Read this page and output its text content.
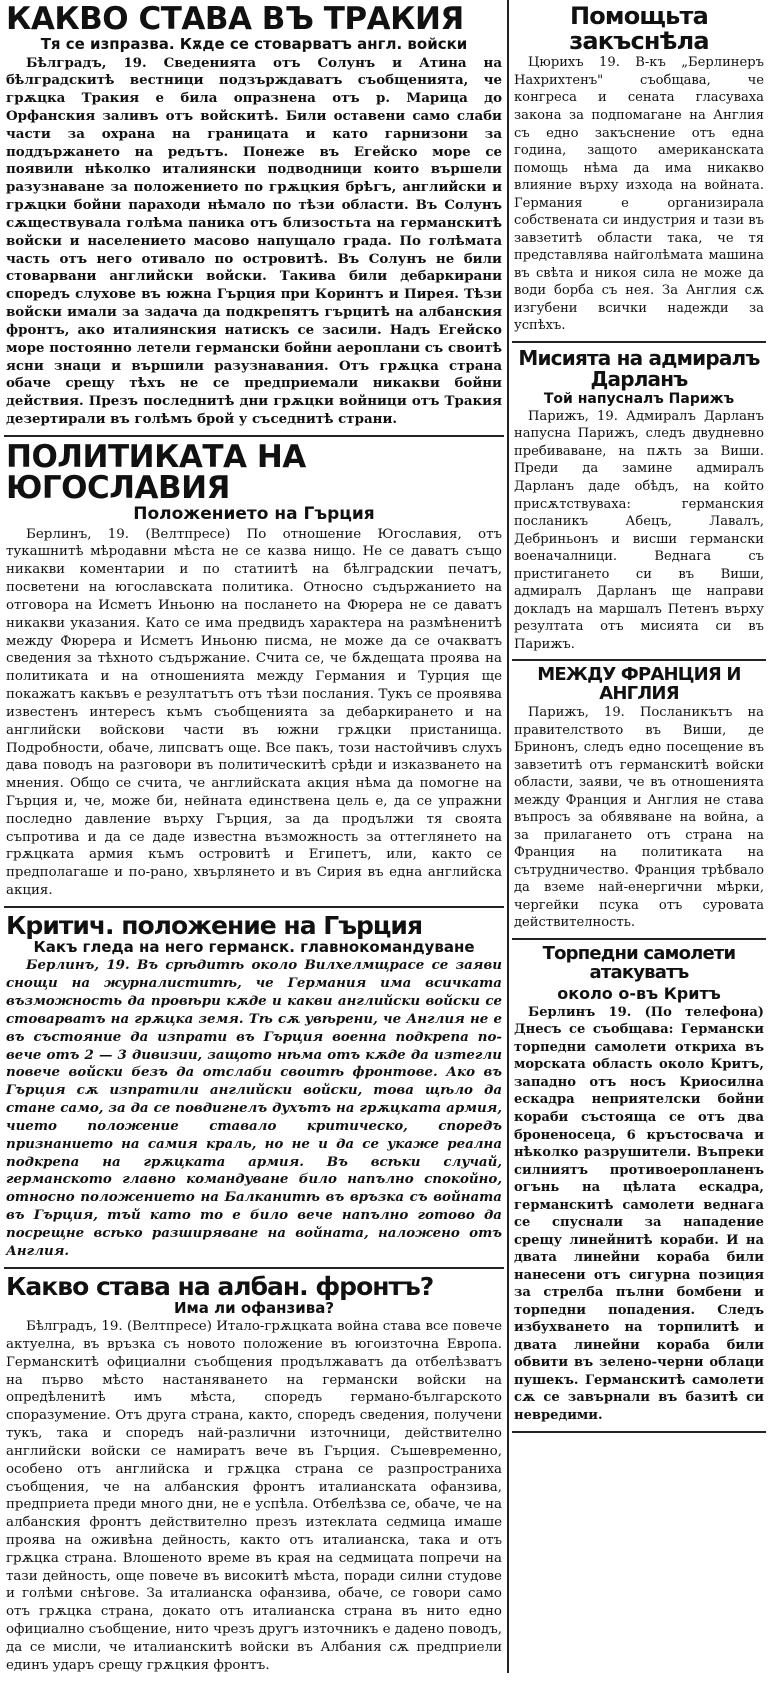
КАКВО СТАВА ВЪ ТРАКИЯ
Тя се изпразва. Кѫде се стоварватъ англ. войски

Бѣлградъ, 19. Сведенията отъ Солунъ и Атина на бѣлградскитѣ вестници подзърждаватъ съобщенията, че грѫцка Тракия е била опразнена отъ р. Марица до Орфанския заливъ отъ войскитѣ. Били оставени само слаби части за охрана на границата и като гарнизони за поддържането на редътъ. Понеже въ Егейско море се появили нѣколко италиянски подводници които вършели разузнаване за положението по грѫцкия брѣгъ, английски и грѫцки бойни параходи нѣмало по тѣзи области. Въ Солунъ сѫществувала голѣма паника отъ близостьта на германскитѣ войски и населението масово напущало града. По голѣмата часть отъ него отивало по островитѣ. Въ Солунъ не били стоварвани английски войски. Такива били дебаркирани споредъ слухове въ южна Гърция при Коринтъ и Пирея. Тѣзи войски имали за задача да подкрепятъ гърцитѣ на албанския фронтъ, ако италиянския натискъ се засили. Надъ Егейско море постоянно летели германски бойни аероплани съ своитѣ ясни знаци и вършили разузнавания. Отъ грѫцка страна обаче срещу тѣхъ не се предприемали никакви бойни действия. Презъ последнитѣ дни грѫцки войници отъ Тракия дезертирали въ голѣмъ брой у съседнитѣ страни.

ПОЛИТИКАТА НА ЮГОСЛАВИЯ
Положението на Гърция

Берлинъ, 19. (Велтпресе) По отношение Югославия, отъ тукашнитѣ мѣродавни мѣста не се казва нищо. Не се даватъ също никакви коментарии и по статиитѣ на бѣлградскии печатъ, посветени на югославската политика. Относно съдържанието на отговора на Исметъ Иньоню на послането на Фюрера не се даватъ никакви указания. Като се има предвидъ характера на размѣненитѣ между Фюрера и Исметъ Иньоню писма, не може да се очакватъ сведения за тѣхното съдържание. Счита се, че бѫдещата проява на политиката и на отношенията между Германия и Турция ще покажатъ какъвъ е резултатътъ отъ тѣзи послания. Тукъ се проявява известенъ интересъ къмъ съобщенията за дебаркирането и на английски войскови части въ южни грѫцки пристанища. Подробности, обаче, липсватъ още. Все пакъ, този настойчивъ слухъ дава поводъ на разговори въ политическитѣ срѣди и изказването на мнения. Общо се счита, че английската акция нѣма да помогне на Гърция и, че, може би, нейната единствена цель е, да се упражни последно давление върху Гърция, за да продължи тя своята съпротива и да се даде известна възможность за оттеглянето на грѫцката армия къмъ островитѣ и Египетъ, или, както се предполагаше и по-рано, хвърлянето и въ Сирия въ една английска акция.

Критич. положение на Гърция
Какъ гледа на него германск. главнокомандуване

Берлинъ, 19. Въ срѣдитѣ около Вилхелмщрасе се заяви снощи на журналиститѣ, че Германия има всичката възможность да провѣри кѫде и какви английски войски се стоварватъ на грѫцка земя. Тѣ сѫ увѣрени, че Англия не е въ състояние да изпрати въ Гърция военна подкрепа по-вече отъ 2 — 3 дивизии, защото нѣма отъ кѫде да изтегли повече войски безъ да отслаби своитѣ фронтове. Ако въ Гърция сѫ изпратили английски войски, това щѣло да стане само, за да се повдигнелъ духътъ на грѫцката армия, чието положение ставало критическо, споредъ признанието на самия краль, но не и да се укаже реална подкрепа на грѫцката армия. Въ всѣки случай, германското главно командуване било напълно спокойно, относно положението на Балканитѣ въ връзка съ войната въ Гърция, тъй като то е било вече напълно готово да посрещне всѣко разширяване на войната, наложено отъ Англия.

Какво става на албан. фронтъ?
Има ли офанзива?

Бѣлградъ, 19. (Велтпресе) Итало-грѫцката война става все повече актуелна, въ връзка съ новото положение въ югоизточна Европа. Германскитѣ официални съобщения продължаватъ да отбелѣзватъ на първо мѣсто настаняването на германски войски на опредѣленитѣ имъ мѣста, споредъ германо-българското споразумение. Отъ друга страна, както, споредъ сведения, получени тукъ, така и споредъ най-различни източници, действително английски войски се намиратъ вече въ Гърция. Съшевременно, особено отъ английска и грѫцка страна се разпространиха съобщения, че на албанския фронтъ италианската офанзива, предприета преди много дни, не е успѣла. Отбелѣзва се, обаче, че на албанския фронтъ действително презъ изтеклата седмица имаше проява на оживѣна дейность, както отъ италианска, така и отъ грѫцка страна. Влошеното време въ края на седмицата попречи на тази дейность, още повече въ високитѣ мѣста, поради силни студове и голѣми снѣгове. За италианска офанзива, обаче, се говори само отъ грѫцка страна, докато отъ италианска страна въ нито едно официално съобщение, нито чрезъ другъ източникъ е дадено поводъ, да се мисли, че италианскитѣ войски въ Албания сѫ предприели единъ ударъ срещу грѫцкия фронтъ.

Помощьта закъснѣла

Цюрихъ 19. В-къ „Берлинеръ Нахрихтенъ" съобщава, че конгреса и сената гласуваха закона за подпомагане на Англия съ едно закъснение отъ една година, защото американската помощь нѣма да има никакво влияние върху изхода на войната. Германия е организирала собствената си индустрия и тази въ завзетитѣ области така, че тя представлява найголѣмата машина въ свѣта и никоя сила не може да води борба съ нея. За Англия сѫ изгубени всички надежди за успѣхъ.

Мисията на адмиралъ Дарланъ
Той напусналъ Парижъ

Парижъ, 19. Адмиралъ Дарланъ напусна Парижъ, следъ двудневно пребиваване, на пѫть за Виши. Преди да замине адмиралъ Дарланъ даде обѣдъ, на който присѫтствуваха: германския посланикъ Абецъ, Лавалъ, Дебриньонъ и висши германски военачалници. Веднага съ пристигането си въ Виши, адмиралъ Дарланъ ще направи докладъ на маршалъ Петенъ върху резултата отъ мисията си въ Парижъ.

МЕЖДУ ФРАНЦИЯ И АНГЛИЯ

Парижъ, 19. Посланикътъ на правителството въ Виши, де Бринонъ, следъ едно посещение въ завзетитѣ отъ германскитѣ войски области, заяви, че въ отношенията между Франция и Англия не става въпросъ за обявяване на война, а за прилагането отъ страна на Франция на политиката на сътрудничество. Франция трѣбвало да вземе най-енергични мѣрки, чергейки псука отъ суровата действителность.

Торпедни самолети атакуватъ
около о-въ Критъ

Берлинъ 19. (По телефона) Днесъ се съобщава: Германски торпедни самолети откриха въ морската область около Критъ, западно отъ носъ Криосилна ескадра неприятелски бойни кораби състояща се отъ два броненосеца, 6 кръстосвача и нѣколко разрушители. Въпреки силниятъ противоеропланенъ огънь на цѣлата ескадра, германскитѣ самолети веднага се спуснали за нападение срещу линейнитѣ кораби. И на двата линейни кораба били нанесени отъ сигурна позиция за стрелба пълни бомбени и торпедни попадения. Следъ избухването на торпилитѣ и двата линейни кораба били обвити въ зелено-черни облаци пушекъ. Германскитѣ самолети сѫ се завърнали въ базитѣ си невредими.
